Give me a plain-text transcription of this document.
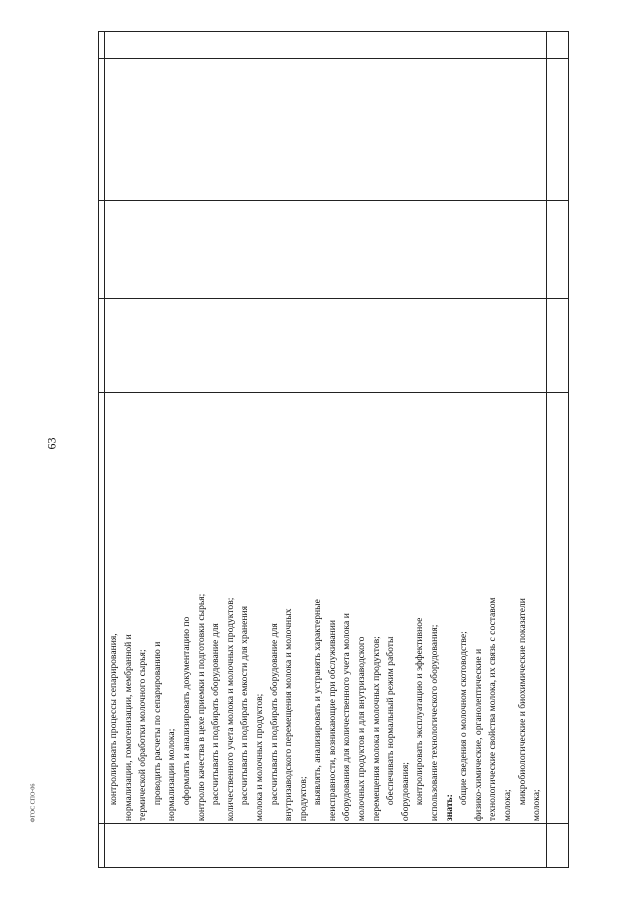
63
контролировать процессы сепарирования, нормализации, гомогенизации, мембранной и термической обработки молочного сырья; проводить расчеты по сепарированию и нормализации молока; оформлять и анализировать документацию по контролю качества в цехе приемки и подготовки сырья; рассчитывать и подбирать оборудование для количественного учета молока и молочных продуктов; рассчитывать и подбирать емкости для хранения молока и молочных продуктов; рассчитывать и подбирать оборудование для внутризаводского перемещения молока и молочных продуктов; выявлять, анализировать и устранять характерные неисправности, возникающие при обслуживании оборудования для количественного учета молока и молочных продуктов и для внутризаводского перемещения молока и молочных продуктов; обеспечивать нормальный режим работы оборудования; контролировать эксплуатацию и эффективное использование технологического оборудования; знать:
общие сведения о молочном скотоводстве; физико-химические, органолептические и технологические свойства молока, их связь с составом молока;
микробиологические и биохимические показатели
молока;
ФГОС СПО-06
